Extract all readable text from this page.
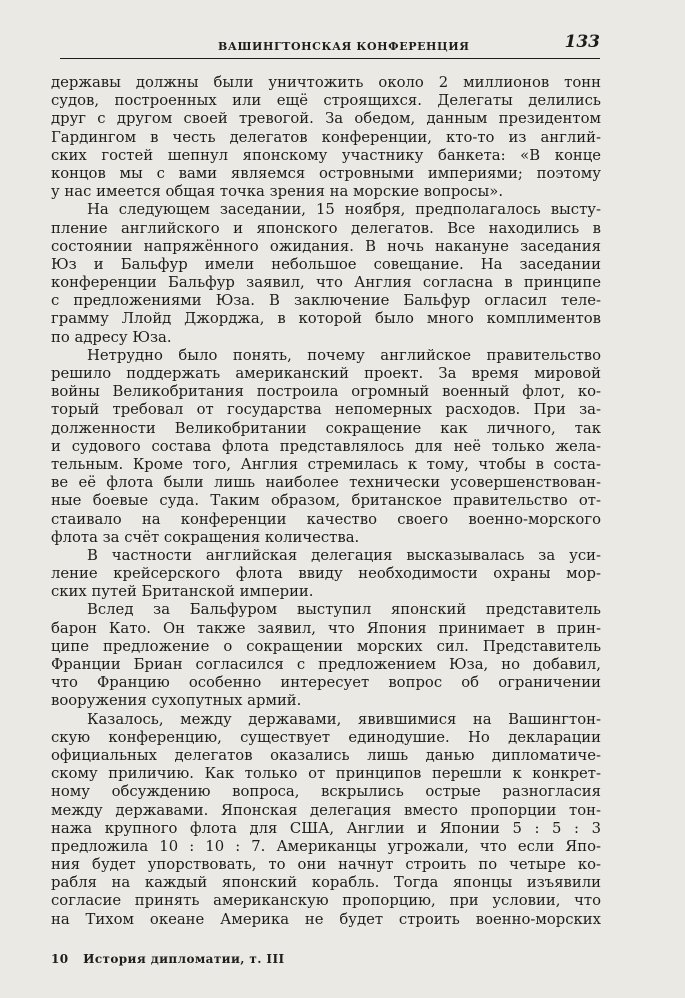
ВАШИНГТОНСКАЯ КОНФЕРЕНЦИЯ	133
державы должны были уничтожить около 2 миллионов тонн
судов, построенных или ещё строящихся. Делегаты делились
друг с другом своей тревогой. За обедом, данным президентом
Гардингом в честь делегатов конференции, кто-то из англий-
ских гостей шепнул японскому участнику банкета: «В конце
концов мы с вами являемся островными империями; поэтому
у нас имеется общая точка зрения на морские вопросы».
На следующем заседании, 15 ноября, предполагалось высту-
пление английского и японского делегатов. Все находились в
состоянии напряжённого ожидания. В ночь накануне заседания
Юз и Бальфур имели небольшое совещание. На заседании
конференции Бальфур заявил, что Англия согласна в принципе
с предложениями Юза. В заключение Бальфур огласил теле-
грамму Ллойд Джорджа, в которой было много комплиментов
по адресу Юза.
Нетрудно было понять, почему английское правительство
решило поддержать американский проект. За время мировой
войны Великобритания построила огромный военный флот, ко-
торый требовал от государства непомерных расходов. При за-
долженности Великобритании сокращение как личного, так
и судового состава флота представлялось для неё только жела-
тельным. Кроме того, Англия стремилась к тому, чтобы в соста-
ве её флота были лишь наиболее технически усовершенствован-
ные боевые суда. Таким образом, британское правительство от-
стаивало на конференции качество своего военно-морского
флота за счёт сокращения количества.
В частности английская делегация высказывалась за уси-
ление крейсерского флота ввиду необходимости охраны мор-
ских путей Британской империи.
Вслед за Бальфуром выступил японский представитель
барон Като. Он также заявил, что Япония принимает в прин-
ципе предложение о сокращении морских сил. Представитель
Франции Бриан согласился с предложением Юза, но добавил,
что Францию особенно интересует вопрос об ограничении
вооружения сухопутных армий.
Казалось, между державами, явившимися на Вашингтон-
скую конференцию, существует единодушие. Но декларации
официальных делегатов оказались лишь данью дипломатиче-
скому приличию. Как только от принципов перешли к конкрет-
ному обсуждению вопроса, вскрылись острые разногласия
между державами. Японская делегация вместо пропорции тон-
нажа крупного флота для США, Англии и Японии 5 : 5 : 3
предложила 10 : 10 : 7. Американцы угрожали, что если Япо-
ния будет упорствовать, то они начнут строить по четыре ко-
рабля на каждый японский корабль. Тогда японцы изъявили
согласие принять американскую пропорцию, при условии, что
на Тихом океане Америка не будет строить военно-морских
10 История дипломатии, т. III
